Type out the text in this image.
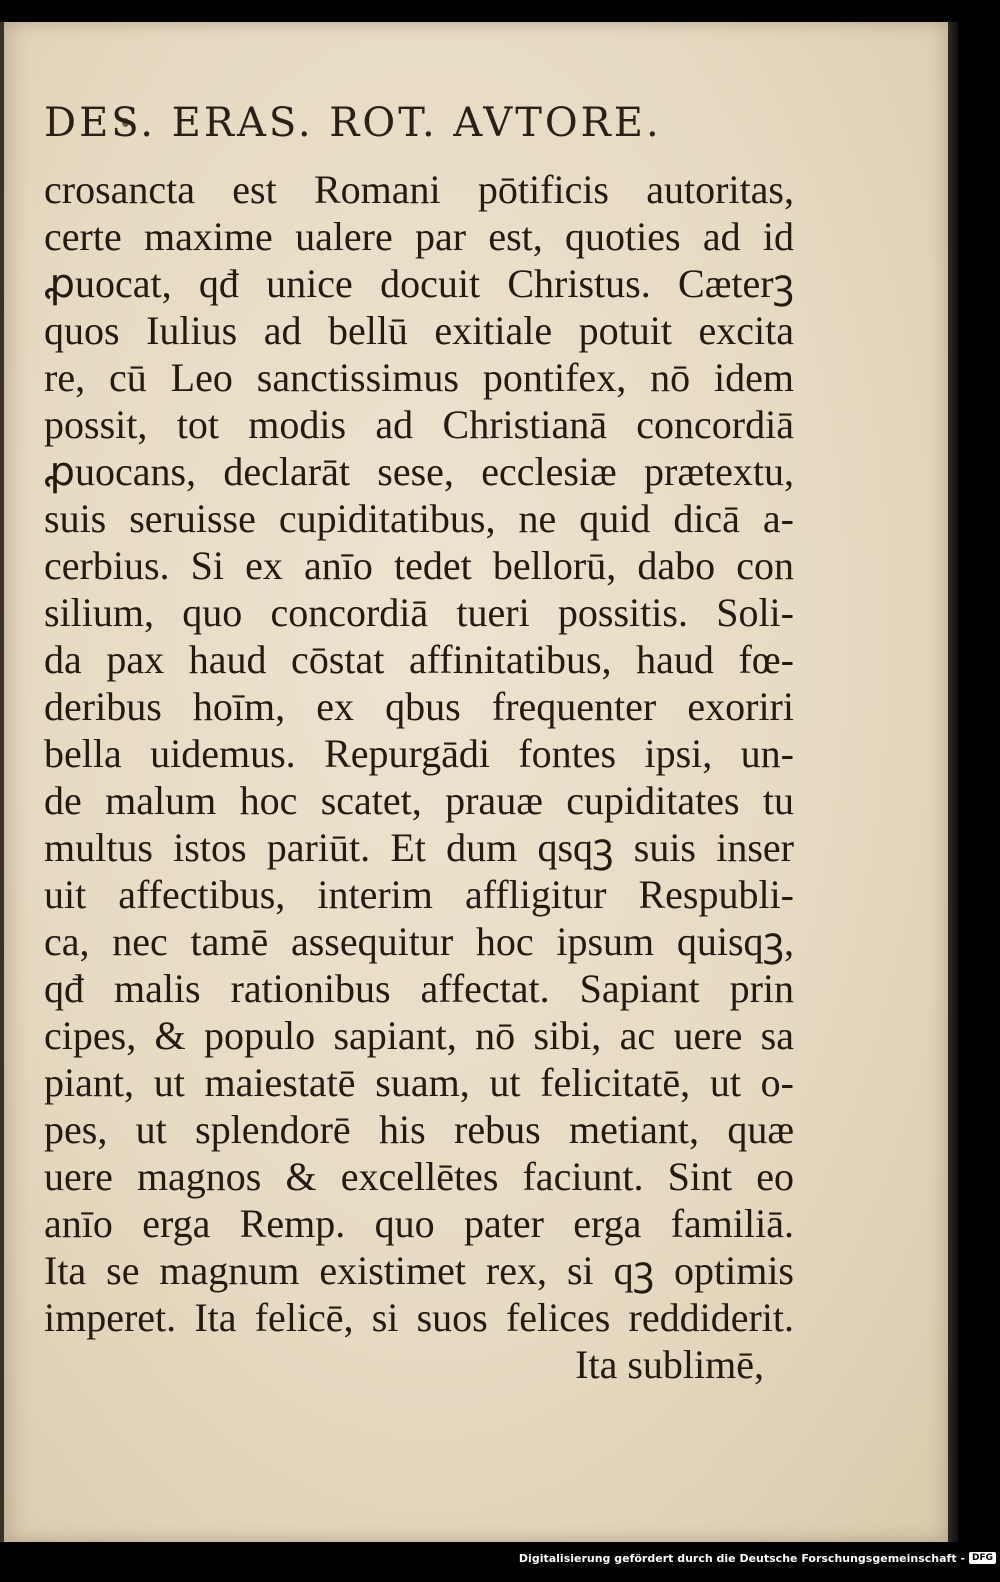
DES. ERAS. ROT. AVTORE.
crosancta est Romani pōtificis autoritas,
certe maxime ualere par est, quoties ad id
ꝓuocat, qđ unice docuit Christus. Cæterꝫ
quos Iulius ad bellū exitiale potuit excita
re, cū Leo sanctissimus pontifex, nō idem
possit, tot modis ad Christianā concordiā
ꝓuocans, declarāt sese, ecclesiæ prætextu,
suis seruisse cupiditatibus, ne quid dicā a-
cerbius. Si ex anīo tedet bellorū, dabo con
silium, quo concordiā tueri possitis. Soli-
da pax haud cōstat affinitatibus, haud fœ-
deribus hoīm, ex qbus frequenter exoriri
bella uidemus. Repurgādi fontes ipsi, un-
de malum hoc scatet, prauæ cupiditates tu
multus istos pariūt. Et dum qsqꝫ suis inser
uit affectibus, interim affligitur Respubli-
ca, nec tamē assequitur hoc ipsum quisqꝫ,
qđ malis rationibus affectat. Sapiant prin
cipes, & populo sapiant, nō sibi, ac uere sa
piant, ut maiestatē suam, ut felicitatē, ut o-
pes, ut splendorē his rebus metiant, quæ
uere magnos & excellētes faciunt. Sint eo
anīo erga Remp. quo pater erga familiā.
Ita se magnum existimet rex, si qꝫ optimis
imperet. Ita felicē, si suos felices reddiderit.
Ita sublimē,
Digitalisierung gefördert durch die Deutsche Forschungsgemeinschaft - DFG
